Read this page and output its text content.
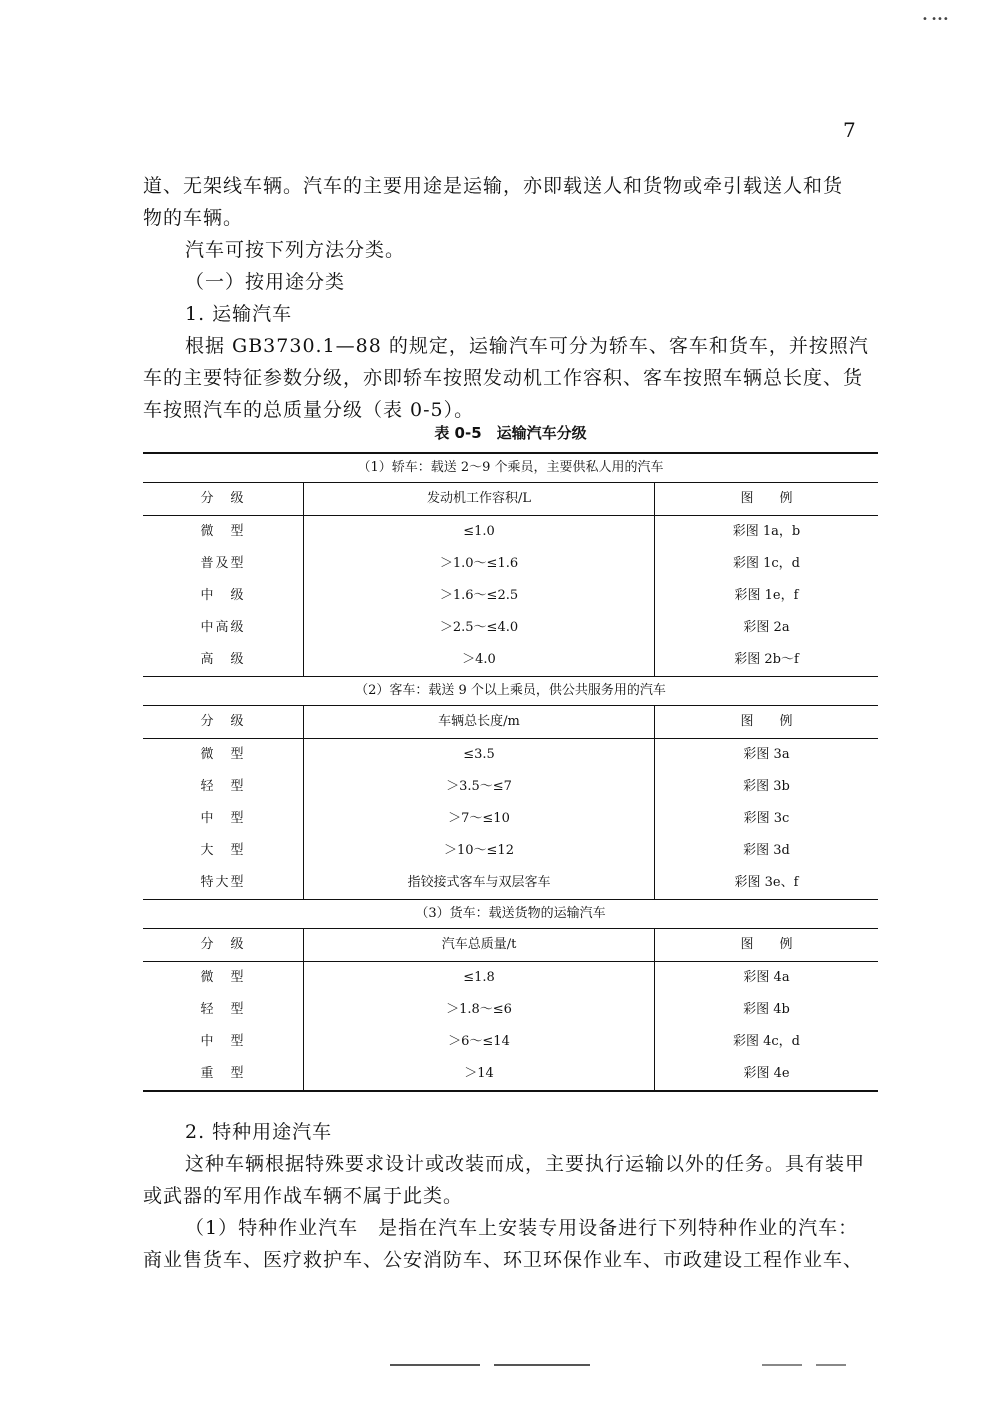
• •••
7

道、无架线车辆。汽车的主要用途是运输，亦即载送人和货物或牵引载送人和货

物的车辆。

汽车可按下列方法分类。

（一）按用途分类

1. 运输汽车

根据 GB3730.1—88 的规定，运输汽车可分为轿车、客车和货车，并按照汽车的主要特征参数分级，亦即轿车按照发动机工作容积、客车按照车辆总长度、货车按照汽车的总质量分级（表 0-5）。

表 0-5　运输汽车分级
（1）轿车：载送 2～9 个乘员，主要供私人用的汽车
分　级	发动机工作容积/L	图　　例
微　型	≤1.0	彩图 1a，b
普及型	＞1.0～≤1.6	彩图 1c，d
中　级	＞1.6～≤2.5	彩图 1e，f
中高级	＞2.5～≤4.0	彩图 2a
高　级	＞4.0	彩图 2b～f
（2）客车：载送 9 个以上乘员，供公共服务用的汽车
分　级	车辆总长度/m	图　　例
微　型	≤3.5	彩图 3a
轻　型	＞3.5～≤7	彩图 3b
中　型	＞7～≤10	彩图 3c
大　型	＞10～≤12	彩图 3d
特大型	指铰接式客车与双层客车	彩图 3e、f
（3）货车：载送货物的运输汽车
分　级	汽车总质量/t	图　　例
微　型	≤1.8	彩图 4a
轻　型	＞1.8～≤6	彩图 4b
中　型	＞6～≤14	彩图 4c，d
重　型	＞14	彩图 4e

2. 特种用途汽车

这种车辆根据特殊要求设计或改装而成，主要执行运输以外的任务。具有装甲或武器的军用作战车辆不属于此类。

（1）特种作业汽车　是指在汽车上安装专用设备进行下列特种作业的汽车：商业售货车、医疗救护车、公安消防车、环卫环保作业车、市政建设工程作业车、
